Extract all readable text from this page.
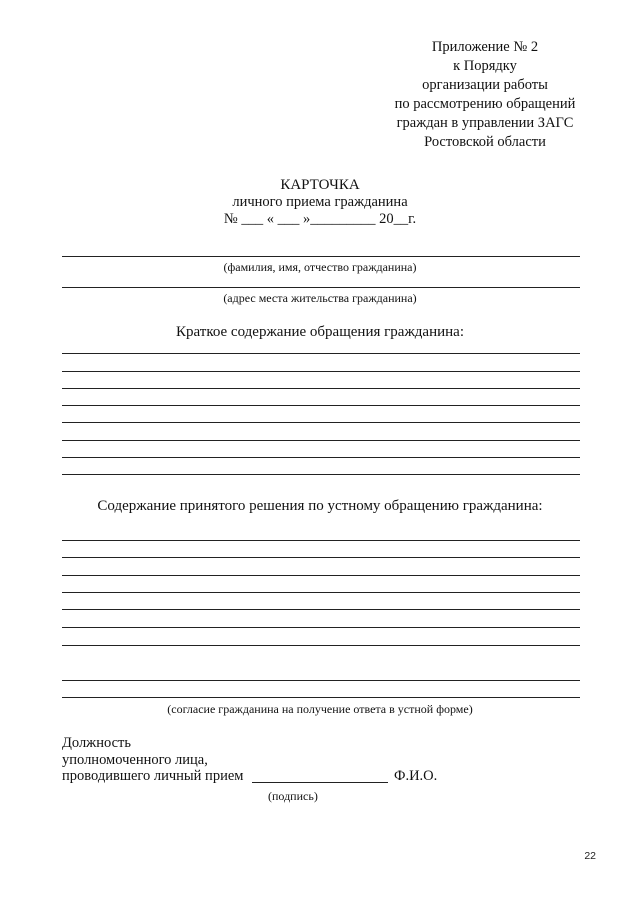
Приложение № 2
к Порядку
организации работы
по рассмотрению обращений
граждан в управлении ЗАГС
Ростовской области
КАРТОЧКА
личного приема гражданина
№ ___ « ___ »_________ 20__г.
(фамилия, имя, отчество гражданина)
(адрес места жительства гражданина)
Краткое содержание обращения гражданина:
Содержание принятого решения по устному обращению гражданина:
(согласие гражданина на получение ответа в устной форме)
Должность
уполномоченного лица,
проводившего личный прием	Ф.И.О.
(подпись)
22
